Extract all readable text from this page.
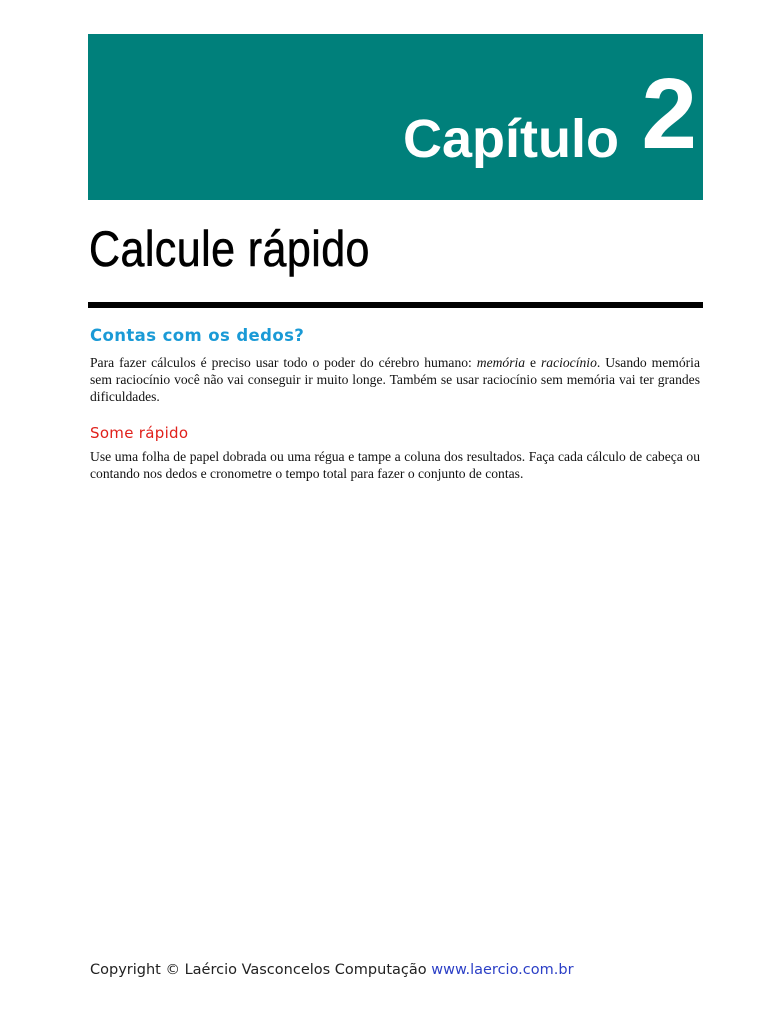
Capítulo 2
Calcule rápido
Contas com os dedos?

Para fazer cálculos é preciso usar todo o poder do cérebro humano: memória e raciocínio. Usando memória sem raciocínio você não vai conseguir ir muito longe. Também se usar raciocínio sem memória vai ter grandes dificuldades.

Some rápido

Use uma folha de papel dobrada ou uma régua e tampe a coluna dos resultados. Faça cada cálculo de cabeça ou contando nos dedos e cronometre o tempo total para fazer o conjunto de contas.

Copyright © Laércio Vasconcelos Computação www.laercio.com.br
